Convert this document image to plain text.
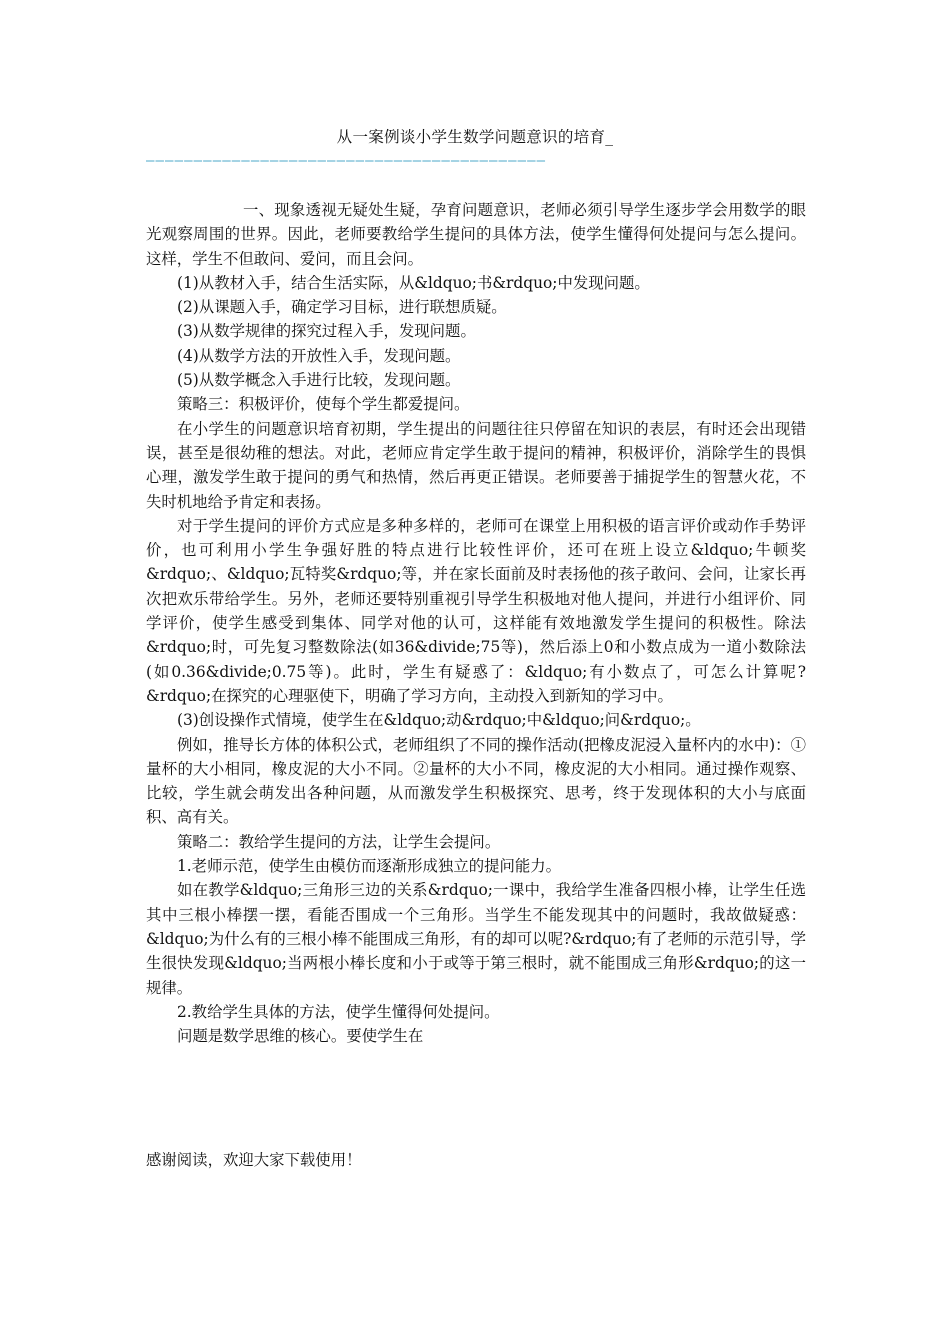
从一案例谈小学生数学问题意识的培育_
——————————————————————————————————————————

一、现象透视无疑处生疑，孕育问题意识，老师必须引导学生逐步学会用数学的眼光观察周围的世界。因此，老师要教给学生提问的具体方法，使学生懂得何处提问与怎么提问。这样，学生不但敢问、爱问，而且会问。

(1)从教材入手，结合生活实际，从&ldquo;书&rdquo;中发现问题。

(2)从课题入手，确定学习目标，进行联想质疑。

(3)从数学规律的探究过程入手，发现问题。

(4)从数学方法的开放性入手，发现问题。

(5)从数学概念入手进行比较，发现问题。

策略三：积极评价，使每个学生都爱提问。

在小学生的问题意识培育初期，学生提出的问题往往只停留在知识的表层，有时还会出现错误，甚至是很幼稚的想法。对此，老师应肯定学生敢于提问的精神，积极评价，消除学生的畏惧心理，激发学生敢于提问的勇气和热情，然后再更正错误。老师要善于捕捉学生的智慧火花，不失时机地给予肯定和表扬。

对于学生提问的评价方式应是多种多样的，老师可在课堂上用积极的语言评价或动作手势评价，也可利用小学生争强好胜的特点进行比较性评价，还可在班上设立&ldquo;牛顿奖&rdquo;、&ldquo;瓦特奖&rdquo;等，并在家长面前及时表扬他的孩子敢问、会问，让家长再次把欢乐带给学生。另外，老师还要特别重视引导学生积极地对他人提问，并进行小组评价、同学评价，使学生感受到集体、同学对他的认可，这样能有效地激发学生提问的积极性。除法&rdquo;时，可先复习整数除法(如36&divide;75等)，然后添上0和小数点成为一道小数除法(如0.36&divide;0.75等)。此时，学生有疑惑了：&ldquo;有小数点了，可怎么计算呢?&rdquo;在探究的心理驱使下，明确了学习方向，主动投入到新知的学习中。

(3)创设操作式情境，使学生在&ldquo;动&rdquo;中&ldquo;问&rdquo;。

例如，推导长方体的体积公式，老师组织了不同的操作活动(把橡皮泥浸入量杯内的水中)：①量杯的大小相同，橡皮泥的大小不同。②量杯的大小不同，橡皮泥的大小相同。通过操作观察、比较，学生就会萌发出各种问题，从而激发学生积极探究、思考，终于发现体积的大小与底面积、高有关。

策略二：教给学生提问的方法，让学生会提问。

1.老师示范，使学生由模仿而逐渐形成独立的提问能力。

如在教学&ldquo;三角形三边的关系&rdquo;一课中，我给学生准备四根小棒，让学生任选其中三根小棒摆一摆，看能否围成一个三角形。当学生不能发现其中的问题时，我故做疑惑：&ldquo;为什么有的三根小棒不能围成三角形，有的却可以呢?&rdquo;有了老师的示范引导，学生很快发现&ldquo;当两根小棒长度和小于或等于第三根时，就不能围成三角形&rdquo;的这一规律。

2.教给学生具体的方法，使学生懂得何处提问。

问题是数学思维的核心。要使学生在

感谢阅读，欢迎大家下载使用！
